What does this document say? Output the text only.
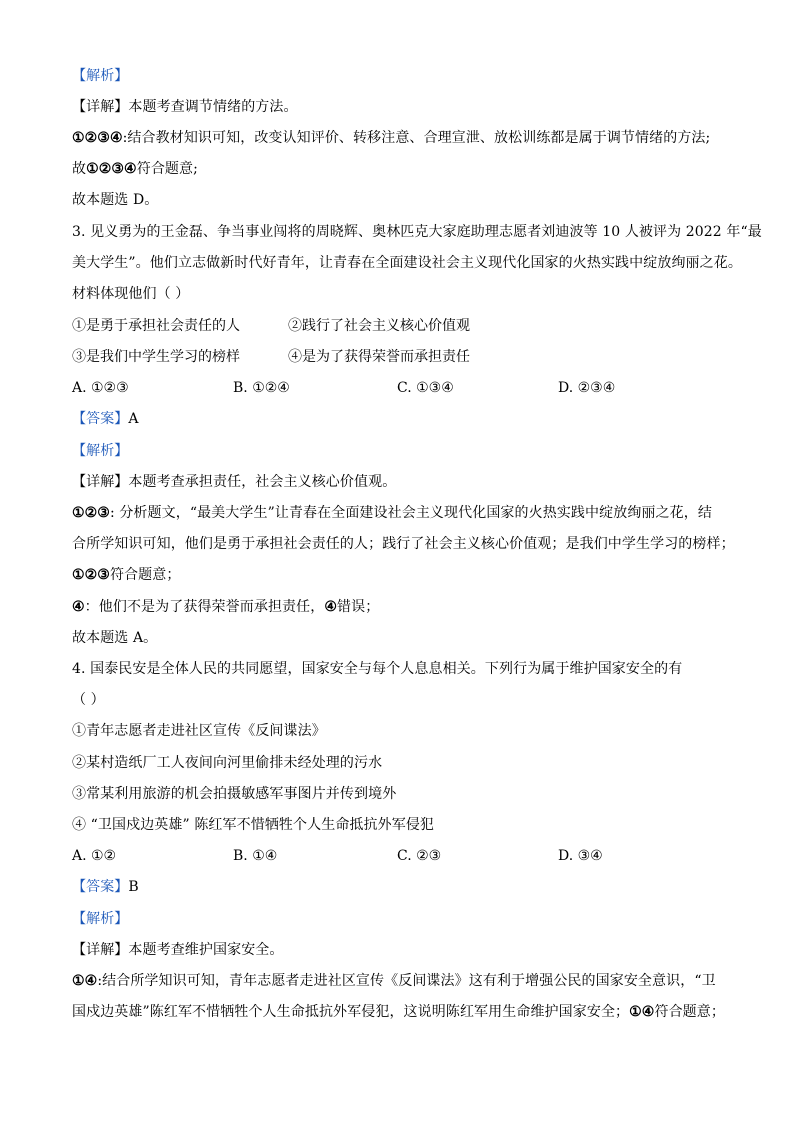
【解析】
【详解】本题考查调节情绪的方法。
①②③④:结合教材知识可知，改变认知评价、转移注意、合理宣泄、放松训练都是属于调节情绪的方法;
故①②③④符合题意;
故本题选 D。
3. 见义勇为的王金磊、争当事业闯将的周晓辉、奥林匹克大家庭助理志愿者刘迪波等 10 人被评为 2022 年“最
美大学生”。他们立志做新时代好青年，让青春在全面建设社会主义现代化国家的火热实践中绽放绚丽之花。
材料体现他们（ ）
①是勇于承担社会责任的人	②践行了社会主义核心价值观
③是我们中学生学习的榜样	④是为了获得荣誉而承担责任
A. ①②③	B. ①②④	C. ①③④	D. ②③④
【答案】A
【解析】
【详解】本题考查承担责任，社会主义核心价值观。
①②③: 分析题文，“最美大学生”让青春在全面建设社会主义现代化国家的火热实践中绽放绚丽之花，结
合所学知识可知，他们是勇于承担社会责任的人；践行了社会主义核心价值观；是我们中学生学习的榜样；
①②③符合题意；
④：他们不是为了获得荣誉而承担责任，④错误；
故本题选 A。
4. 国泰民安是全体人民的共同愿望，国家安全与每个人息息相关。下列行为属于维护国家安全的有
（ ）
①青年志愿者走进社区宣传《反间谍法》
②某村造纸厂工人夜间向河里偷排未经处理的污水
③常某利用旅游的机会拍摄敏感军事图片并传到境外
④ “卫国戍边英雄” 陈红军不惜牺牲个人生命抵抗外军侵犯
A. ①②	B. ①④	C. ②③	D. ③④
【答案】B
【解析】
【详解】本题考查维护国家安全。
①④:结合所学知识可知，青年志愿者走进社区宣传《反间谍法》这有利于增强公民的国家安全意识，“卫
国戍边英雄”陈红军不惜牺牲个人生命抵抗外军侵犯，这说明陈红军用生命维护国家安全；①④符合题意；
